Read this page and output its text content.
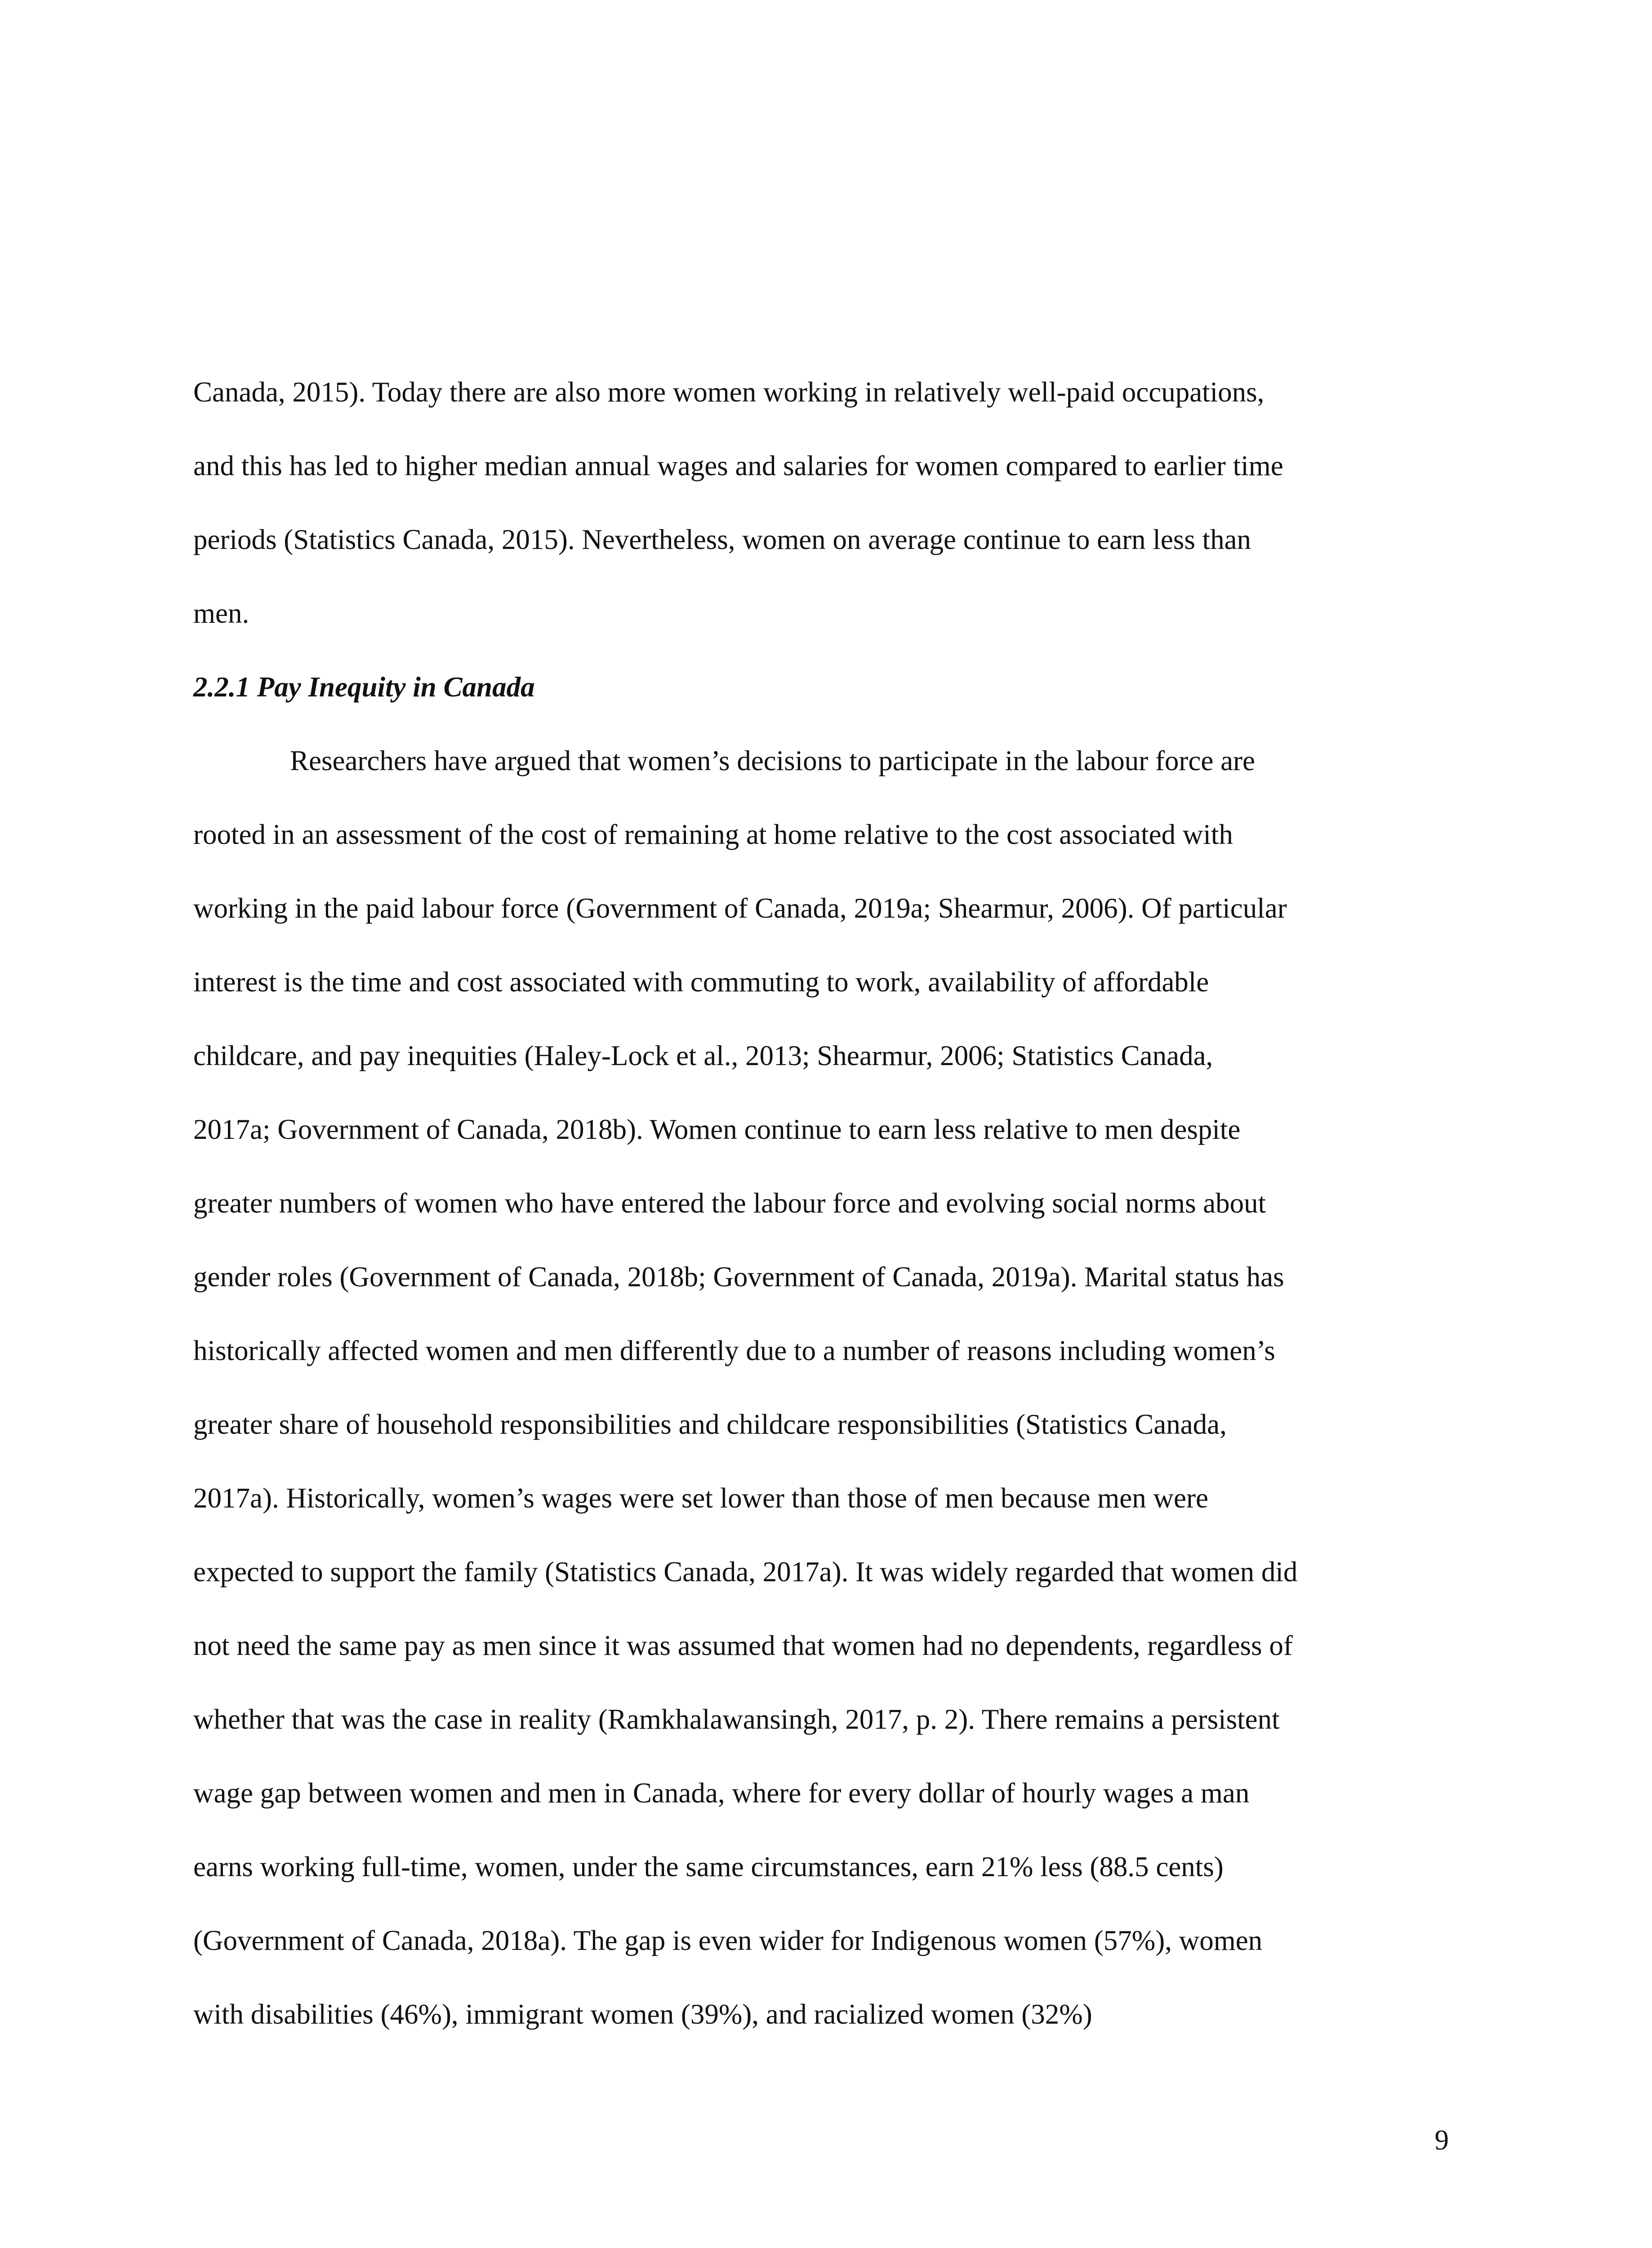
Canada, 2015). Today there are also more women working in relatively well-paid occupations,
and this has led to higher median annual wages and salaries for women compared to earlier time
periods (Statistics Canada, 2015). Nevertheless, women on average continue to earn less than
men.
2.2.1 Pay Inequity in Canada
Researchers have argued that women’s decisions to participate in the labour force are
rooted in an assessment of the cost of remaining at home relative to the cost associated with
working in the paid labour force (Government of Canada, 2019a; Shearmur, 2006). Of particular
interest is the time and cost associated with commuting to work, availability of affordable
childcare, and pay inequities (Haley-Lock et al., 2013; Shearmur, 2006; Statistics Canada,
2017a; Government of Canada, 2018b). Women continue to earn less relative to men despite
greater numbers of women who have entered the labour force and evolving social norms about
gender roles (Government of Canada, 2018b; Government of Canada, 2019a). Marital status has
historically affected women and men differently due to a number of reasons including women’s
greater share of household responsibilities and childcare responsibilities (Statistics Canada,
2017a). Historically, women’s wages were set lower than those of men because men were
expected to support the family (Statistics Canada, 2017a). It was widely regarded that women did
not need the same pay as men since it was assumed that women had no dependents, regardless of
whether that was the case in reality (Ramkhalawansingh, 2017, p. 2). There remains a persistent
wage gap between women and men in Canada, where for every dollar of hourly wages a man
earns working full-time, women, under the same circumstances, earn 21% less (88.5 cents)
(Government of Canada, 2018a). The gap is even wider for Indigenous women (57%), women
with disabilities (46%), immigrant women (39%), and racialized women (32%)
9
